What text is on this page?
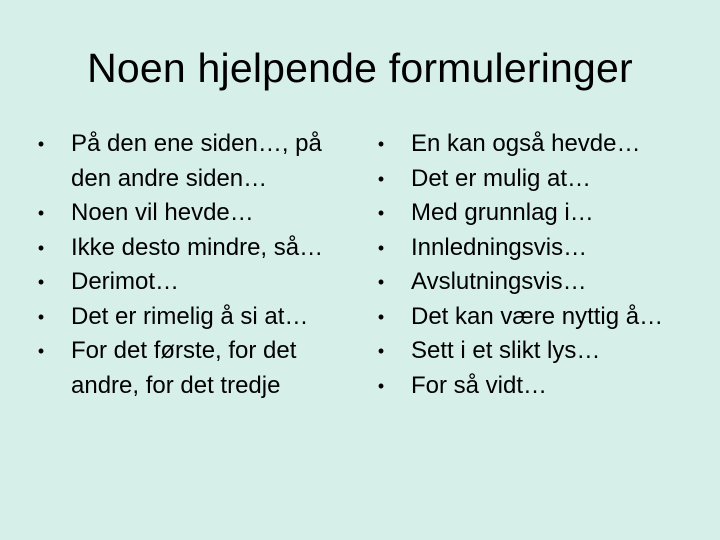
Noen hjelpende formuleringer
• På den ene siden…, på den andre siden…
• Noen vil hevde…
• Ikke desto mindre, så…
• Derimot…
• Det er rimelig å si at…
• For det første, for det andre, for det tredje
• En kan også hevde…
• Det er mulig at…
• Med grunnlag i…
• Innledningsvis…
• Avslutningsvis…
• Det kan være nyttig å…
• Sett i et slikt lys…
• For så vidt…
